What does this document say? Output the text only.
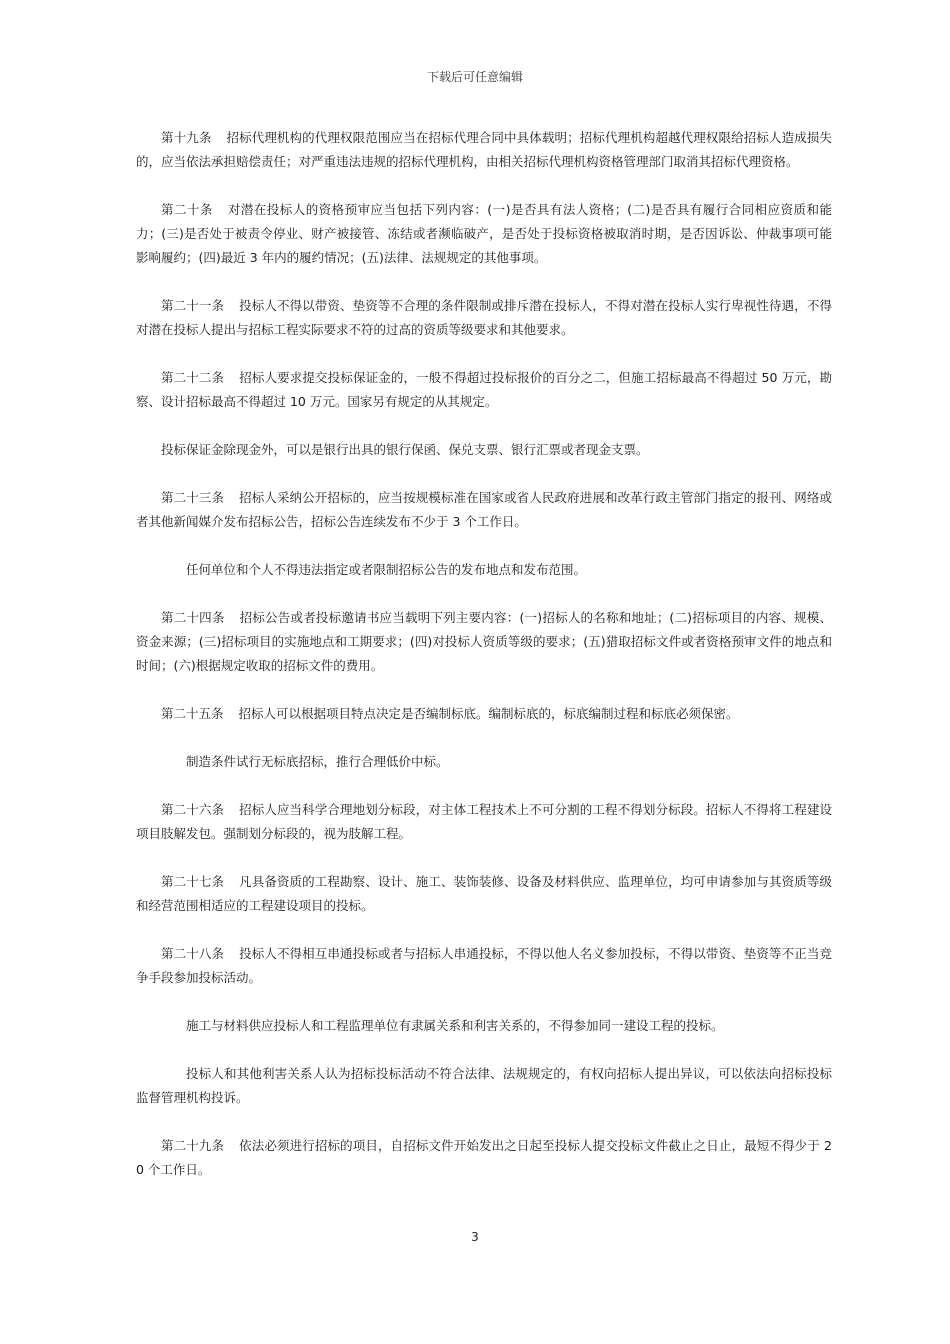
下载后可任意编辑

第十九条 招标代理机构的代理权限范围应当在招标代理合同中具体载明；招标代理机构超越代理权限给招标人造成损失的，应当依法承担赔偿责任；对严重违法违规的招标代理机构，由相关招标代理机构资格管理部门取消其招标代理资格。

第二十条 对潜在投标人的资格预审应当包括下列内容：(一)是否具有法人资格；(二)是否具有履行合同相应资质和能力；(三)是否处于被责令停业、财产被接管、冻结或者濒临破产，是否处于投标资格被取消时期，是否因诉讼、仲裁事项可能影响履约；(四)最近 3 年内的履约情况；(五)法律、法规规定的其他事项。

第二十一条 投标人不得以带资、垫资等不合理的条件限制或排斥潜在投标人，不得对潜在投标人实行卑视性待遇，不得对潜在投标人提出与招标工程实际要求不符的过高的资质等级要求和其他要求。

第二十二条 招标人要求提交投标保证金的，一般不得超过投标报价的百分之二，但施工招标最高不得超过 50 万元，勘察、设计招标最高不得超过 10 万元。国家另有规定的从其规定。

投标保证金除现金外，可以是银行出具的银行保函、保兑支票、银行汇票或者现金支票。

第二十三条 招标人采纳公开招标的，应当按规模标准在国家或省人民政府进展和改革行政主管部门指定的报刊、网络或者其他新闻媒介发布招标公告，招标公告连续发布不少于 3 个工作日。

任何单位和个人不得违法指定或者限制招标公告的发布地点和发布范围。

第二十四条 招标公告或者投标邀请书应当载明下列主要内容：(一)招标人的名称和地址；(二)招标项目的内容、规模、资金来源；(三)招标项目的实施地点和工期要求；(四)对投标人资质等级的要求；(五)猎取招标文件或者资格预审文件的地点和时间；(六)根据规定收取的招标文件的费用。

第二十五条 招标人可以根据项目特点决定是否编制标底。编制标底的，标底编制过程和标底必须保密。

制造条件试行无标底招标，推行合理低价中标。

第二十六条 招标人应当科学合理地划分标段，对主体工程技术上不可分割的工程不得划分标段。招标人不得将工程建设项目肢解发包。强制划分标段的，视为肢解工程。

第二十七条 凡具备资质的工程勘察、设计、施工、装饰装修、设备及材料供应、监理单位，均可申请参加与其资质等级和经营范围相适应的工程建设项目的投标。

第二十八条 投标人不得相互串通投标或者与招标人串通投标，不得以他人名义参加投标，不得以带资、垫资等不正当竞争手段参加投标活动。

施工与材料供应投标人和工程监理单位有隶属关系和利害关系的，不得参加同一建设工程的投标。

投标人和其他利害关系人认为招标投标活动不符合法律、法规规定的，有权向招标人提出异议，可以依法向招标投标监督管理机构投诉。

第二十九条 依法必须进行招标的项目，自招标文件开始发出之日起至投标人提交投标文件截止之日止，最短不得少于 20 个工作日。

3
